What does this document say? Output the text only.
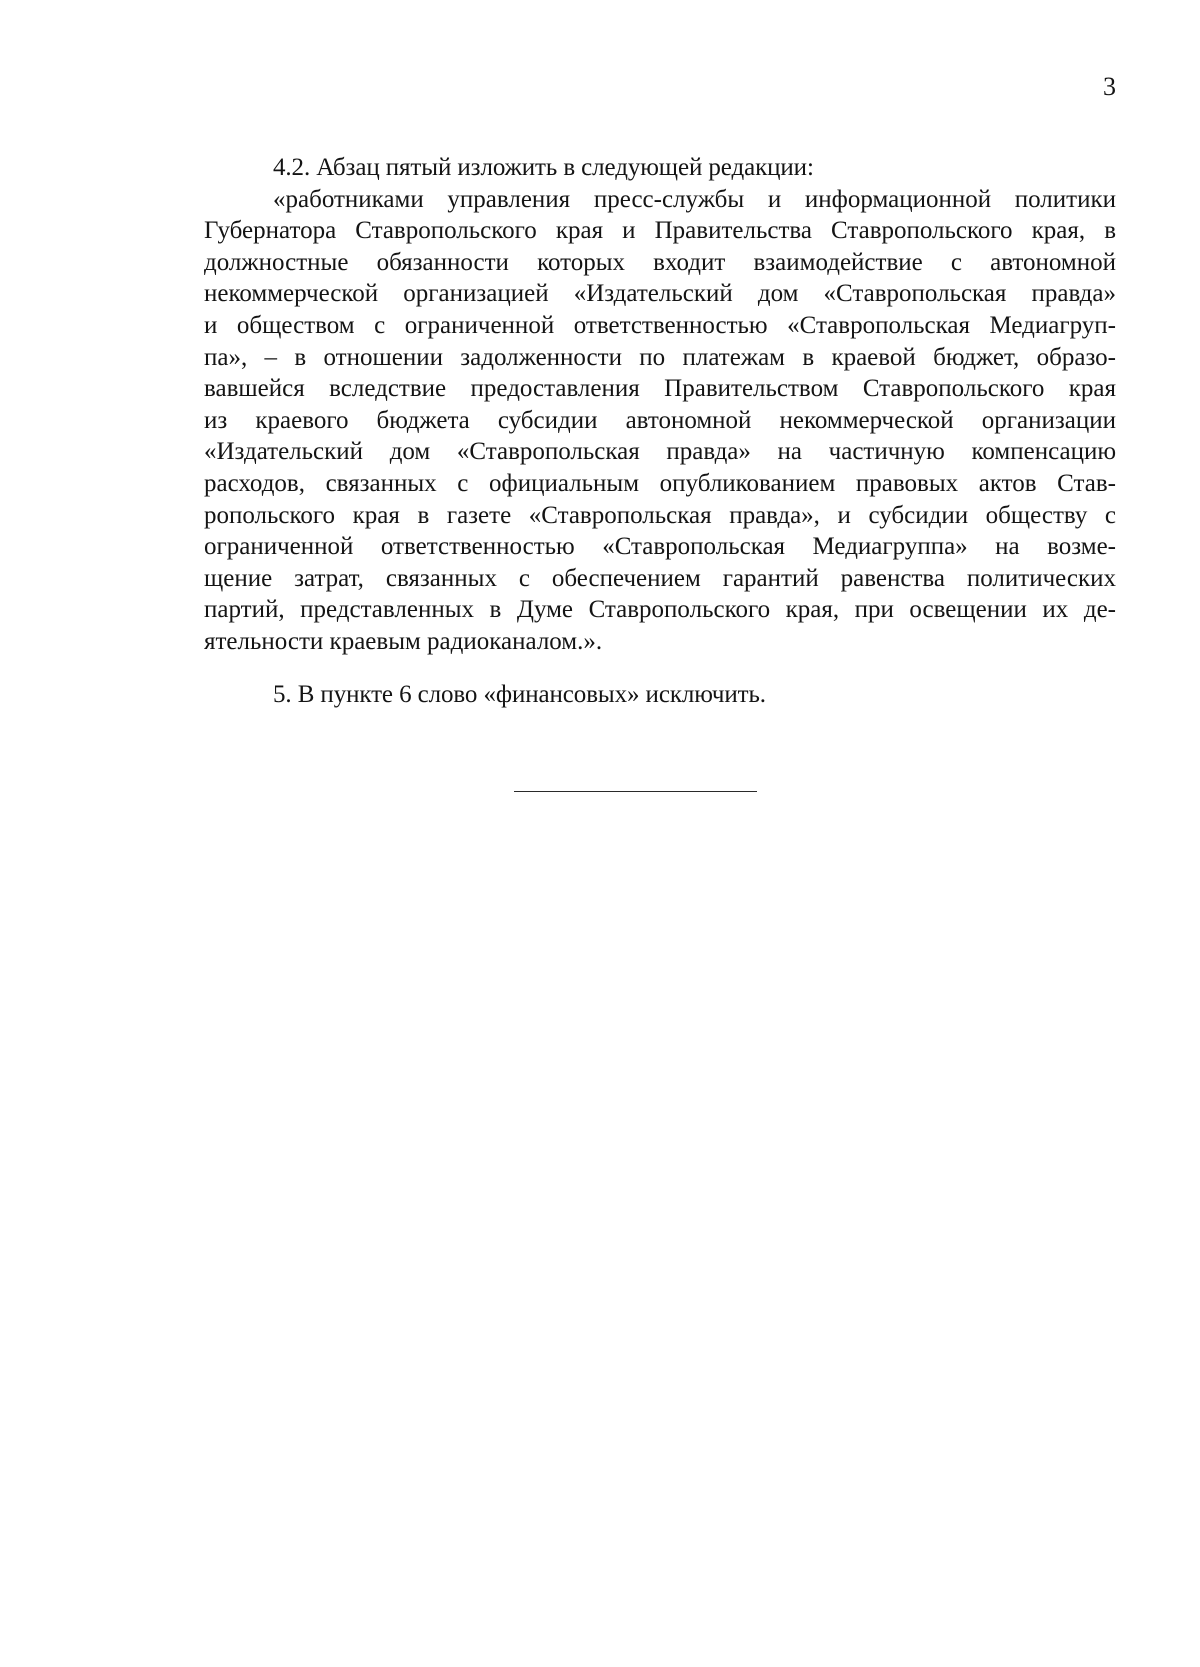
3

4.2. Абзац пятый изложить в следующей редакции:

«работниками управления пресс-службы и информационной политики
Губернатора Ставропольского края и Правительства Ставропольского края, в
должностные обязанности которых входит взаимодействие с автономной
некоммерческой организацией «Издательский дом «Ставропольская правда»
и обществом с ограниченной ответственностью «Ставропольская Медиагруп-
па», – в отношении задолженности по платежам в краевой бюджет, образо-
вавшейся вследствие предоставления Правительством Ставропольского края
из краевого бюджета субсидии автономной некоммерческой организации
«Издательский дом «Ставропольская правда» на частичную компенсацию
расходов, связанных с официальным опубликованием правовых актов Став-
ропольского края в газете «Ставропольская правда», и субсидии обществу с
ограниченной ответственностью «Ставропольская Медиагруппа» на возме-
щение затрат, связанных с обеспечением гарантий равенства политических
партий, представленных в Думе Ставропольского края, при освещении их де-
ятельности краевым радиоканалом.».

5. В пункте 6 слово «финансовых» исключить.
